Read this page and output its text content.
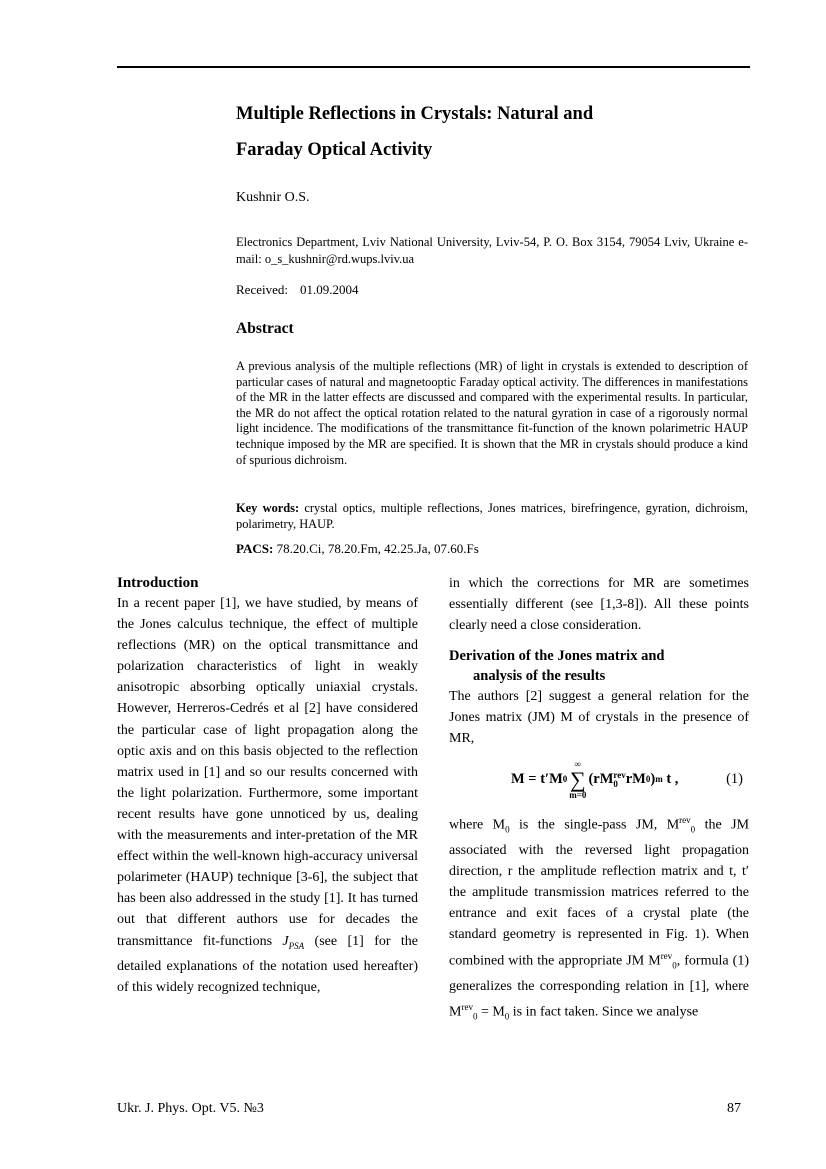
Multiple Reflections in Crystals: Natural and
Faraday Optical Activity
Kushnir O.S.
Electronics Department, Lviv National University, Lviv-54, P. O. Box 3154, 79054 Lviv, Ukraine e-mail: o_s_kushnir@rd.wups.lviv.ua
Received: 01.09.2004
Abstract
A previous analysis of the multiple reflections (MR) of light in crystals is extended to description of particular cases of natural and magnetooptic Faraday optical activity. The differences in manifestations of the MR in the latter effects are discussed and compared with the experimental results. In particular, the MR do not affect the optical rotation related to the natural gyration in case of a rigorously normal light incidence. The modifications of the transmittance fit-function of the known polarimetric HAUP technique imposed by the MR are specified. It is shown that the MR in crystals should produce a kind of spurious dichroism.
Key words: crystal optics, multiple reflections, Jones matrices, birefringence, gyration, dichroism, polarimetry, HAUP.
PACS: 78.20.Ci, 78.20.Fm, 42.25.Ja, 07.60.Fs

Introduction

In a recent paper [1], we have studied, by means of the Jones calculus technique, the effect of multiple reflections (MR) on the optical transmittance and polarization characteristics of light in weakly anisotropic absorbing optically uniaxial crystals. However, Herreros-Cedrés et al [2] have considered the particular case of light propagation along the optic axis and on this basis objected to the reflection matrix used in [1] and so our results concerned with the light polarization. Furthermore, some important recent results have gone unnoticed by us, dealing with the measurements and inter-pretation of the MR effect within the well-known high-accuracy universal polarimeter (HAUP) technique [3-6], the subject that has been also addressed in the study [1]. It has turned out that different authors use for decades the transmittance fit-functions $J_{PSA}$ (see [1] for the detailed explanations of the notation used hereafter) of this widely recognized technique,

in which the corrections for MR are sometimes essentially different (see [1,3-8]). All these points clearly need a close consideration.

Derivation of the Jones matrix and
analysis of the results

The authors [2] suggest a general relation for the Jones matrix (JM) M of crystals in the presence of MR,

M = t′M 0
∞
∑
m=0
(rM rev
0 rM 0 ) m
t ,	(1)

where $M_0$ is the single-pass JM, $M^{rev}_0$ the JM associated with the reversed light propagation direction, r the amplitude reflection matrix and t, t′ the amplitude transmission matrices referred to the entrance and exit faces of a crystal plate (the standard geometry is represented in Fig. 1). When combined with the appropriate JM $M^{rev}_0$, formula (1) generalizes the corresponding relation in [1], where $M^{rev}_0 = M_0$ is in fact taken. Since we analyse

Ukr. J. Phys. Opt. V5. №3	87
